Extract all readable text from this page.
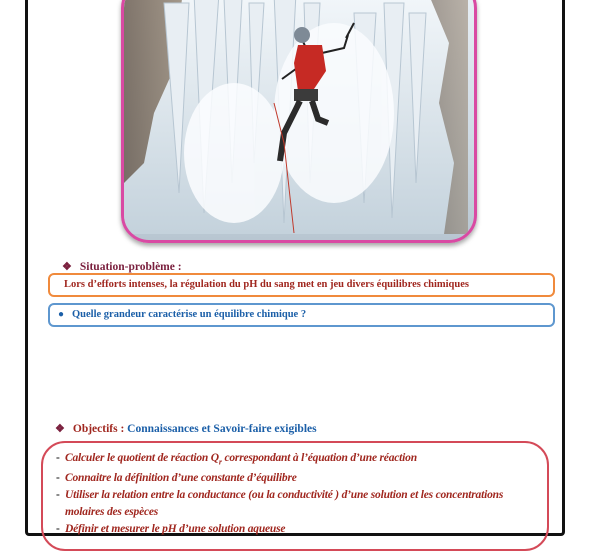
❖ Situation-problème :
Lors d’efforts intenses, la régulation du pH du sang met en jeu divers équilibres chimiques
● Quelle grandeur caractérise un équilibre chimique ?
❖ Objectifs : Connaissances et Savoir-faire exigibles
- Calculer le quotient de réaction $Q_r$ correspondant à l’équation d’une réaction
- Connaitre la définition d’une constante d’équilibre
- Utiliser la relation entre la conductance (ou la conductivité ) d’une solution et les concentrations
molaires des espèces
- Définir et mesurer le pH d’une solution aqueuse
